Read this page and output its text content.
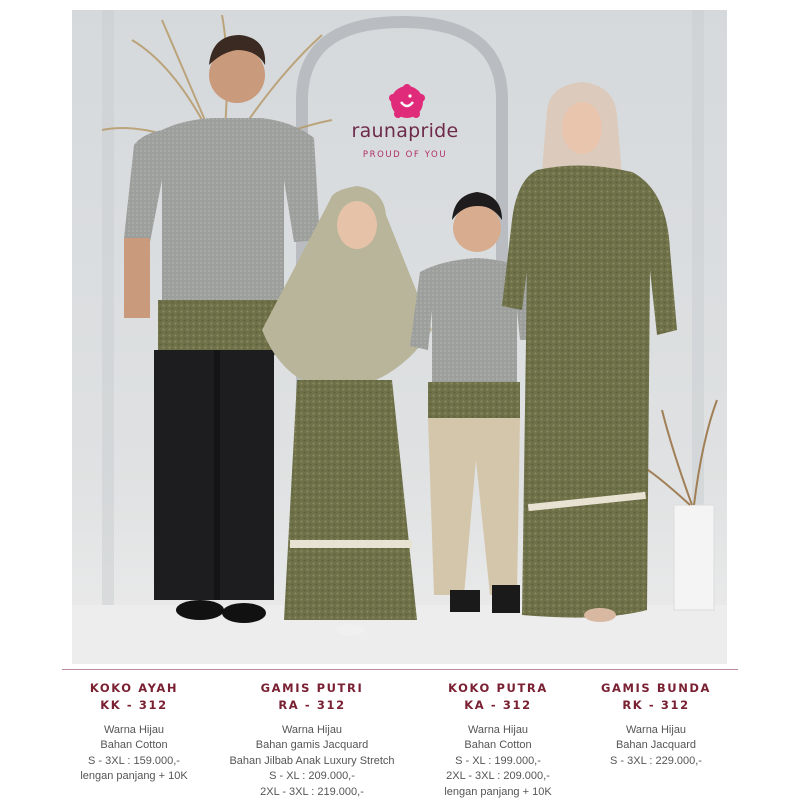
raunapride
PROUD OF YOU
KOKO AYAH
KK - 312
Warna Hijau
Bahan Cotton
S - 3XL : 159.000,-
lengan panjang + 10K
GAMIS PUTRI
RA - 312
Warna Hijau
Bahan gamis Jacquard
Bahan Jilbab Anak Luxury Stretch
S - XL : 209.000,-
2XL - 3XL : 219.000,-
KOKO PUTRA
KA - 312
Warna Hijau
Bahan Cotton
S - XL : 199.000,-
2XL - 3XL : 209.000,-
lengan panjang + 10K
GAMIS BUNDA
RK - 312
Warna Hijau
Bahan Jacquard
S - 3XL : 229.000,-
